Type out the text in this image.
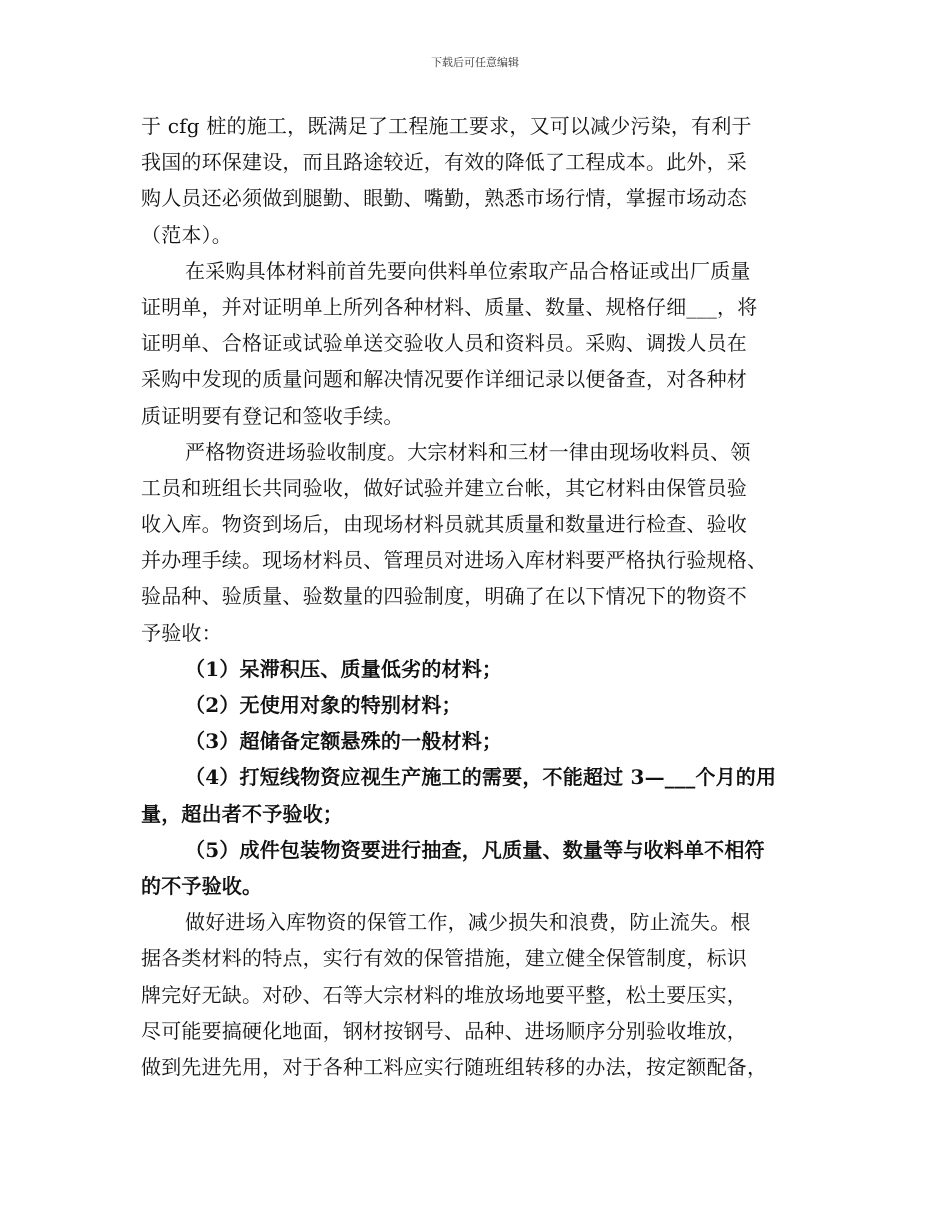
下载后可任意编辑
于 cfg 桩的施工，既满足了工程施工要求，又可以减少污染，有利于
我国的环保建设，而且路途较近，有效的降低了工程成本。此外，采
购人员还必须做到腿勤、眼勤、嘴勤，熟悉市场行情，掌握市场动态
（范本）。
在采购具体材料前首先要向供料单位索取产品合格证或出厂质量
证明单，并对证明单上所列各种材料、质量、数量、规格仔细___，将
证明单、合格证或试验单送交验收人员和资料员。采购、调拨人员在
采购中发现的质量问题和解决情况要作详细记录以便备查，对各种材
质证明要有登记和签收手续。
严格物资进场验收制度。大宗材料和三材一律由现场收料员、领
工员和班组长共同验收，做好试验并建立台帐，其它材料由保管员验
收入库。物资到场后，由现场材料员就其质量和数量进行检查、验收
并办理手续。现场材料员、管理员对进场入库材料要严格执行验规格、
验品种、验质量、验数量的四验制度，明确了在以下情况下的物资不
予验收：
（1）呆滞积压、质量低劣的材料；
（2）无使用对象的特别材料；
（3）超储备定额悬殊的一般材料；
（4）打短线物资应视生产施工的需要，不能超过 3—___个月的用
量，超出者不予验收；
（5）成件包装物资要进行抽查，凡质量、数量等与收料单不相符
的不予验收。
做好进场入库物资的保管工作，减少损失和浪费，防止流失。根
据各类材料的特点，实行有效的保管措施，建立健全保管制度，标识
牌完好无缺。对砂、石等大宗材料的堆放场地要平整，松土要压实，
尽可能要搞硬化地面，钢材按钢号、品种、进场顺序分别验收堆放，
做到先进先用，对于各种工料应实行随班组转移的办法，按定额配备，
